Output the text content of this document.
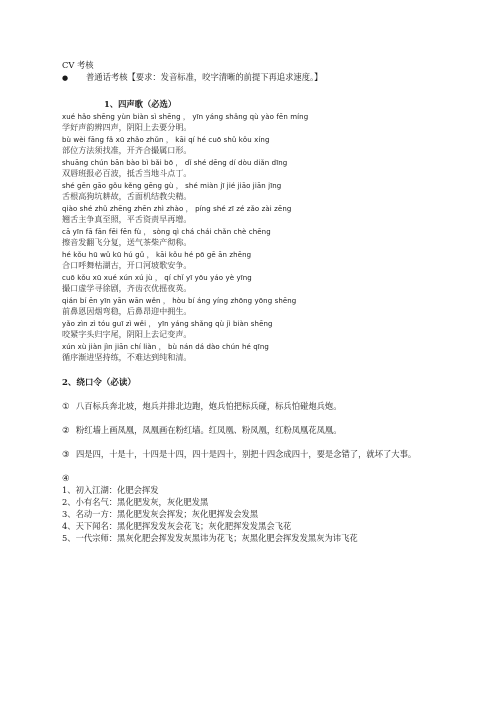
CV 考核
●
普通话考核【要求：发音标准，咬字清晰的前提下再追求速度。】
1、四声歌（必选）
xué hǎo shēng yùn biàn sì shēng ， yīn yáng shǎng qù yào fēn míng
学好声韵辨四声，阴阳上去要分明。
bù wèi fāng fǎ xū zhǎo zhǔn ， kāi qí hé cuō shǔ kǒu xíng
部位方法须找准，开齐合撮属口形。
shuāng chún bān bào bì bǎi bō ， dǐ shé dēng dí dòu diǎn dīng
双唇班报必百波，抵舌当地斗点丁。
shé gēn gāo gǒu kěng gēng gù ， shé miàn jī jié jiāo jiān jīng
舌根高狗坑耕故，舌面机结教尖精。
qiào shé zhǔ zhēng zhēn zhì zhào ， píng shé zī zé zǎo zài zēng
翘舌主争真至照，平舌资责早再增。
cā yīn fā fān fēi fēn fù ， sòng qì chá chái chǎn chè chēng
擦音发翻飞分复，送气茶柴产彻称。
hé kǒu hū wǔ kū hú gǔ ， kāi kǒu hé pō gē ān zhēng
合口呼舞枯湖古，开口河坡歌安争。
cuō kǒu xū xué xún xú jù ， qí chǐ yī yōu yáo yè yīng
撮口虚学寻徐剧，齐齿衣优摇夜英。
qián bí ēn yīn yān wān wěn ， hòu bí áng yíng zhōng yōng shēng
前鼻恩因烟弯稳，后鼻昂迎中拥生。
yǎo zìn zì tóu guī zì wěi ， yīn yáng shǎng qù jì biàn shēng
咬紧字头归字尾，阴阳上去记变声。
xún xù jiàn jìn jiān chí liàn ， bù nán dá dào chún hé qīng
循序渐进坚持练，不难达到纯和清。
2、绕口令（必读）
① 八百标兵奔北坡，炮兵并排北边跑，炮兵怕把标兵碰，标兵怕碰炮兵炮。
② 粉红墙上画凤凰，凤凰画在粉红墙。红凤凰、粉凤凰，红粉凤凰花凤凰。
③ 四是四，十是十，十四是十四，四十是四十，别把十四念成四十，要是念错了，就坏了大事。
④
1、初入江湖：化肥会挥发
2、小有名气：黑化肥发灰，灰化肥发黑
3、名动一方：黑化肥发灰会挥发；灰化肥挥发会发黑
4、天下闻名：黑化肥挥发发灰会花飞；灰化肥挥发发黑会飞花
5、一代宗师：黑灰化肥会挥发发灰黑讳为花飞；灰黑化肥会挥发发黑灰为讳飞花
